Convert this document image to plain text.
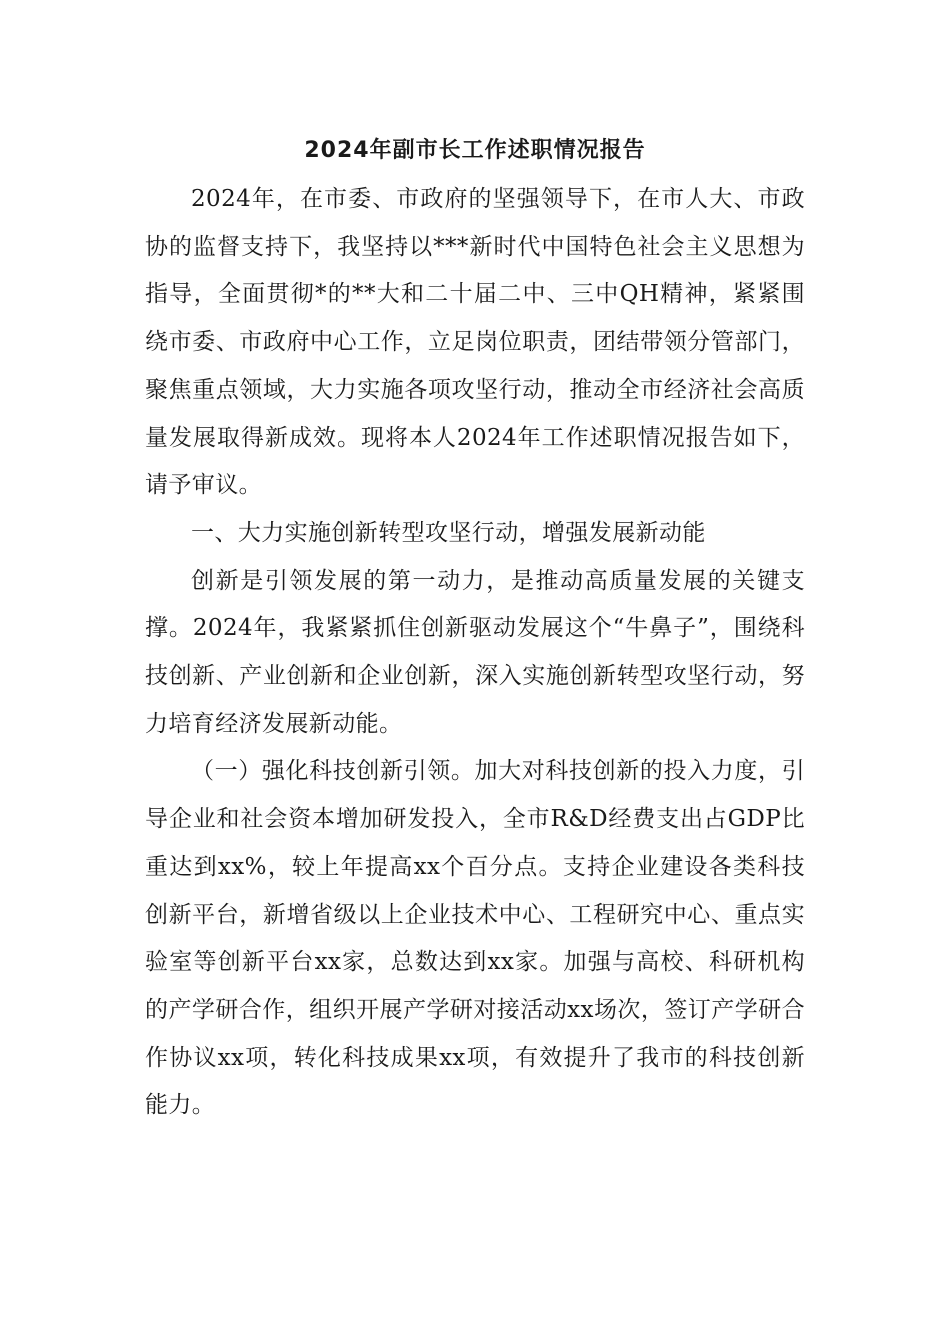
2024年副市长工作述职情况报告

2024年，在市委、市政府的坚强领导下，在市人大、市政协的监督支持下，我坚持以***新时代中国特色社会主义思想为指导，全面贯彻*的**大和二十届二中、三中QH精神，紧紧围绕市委、市政府中心工作，立足岗位职责，团结带领分管部门，聚焦重点领域，大力实施各项攻坚行动，推动全市经济社会高质量发展取得新成效。现将本人2024年工作述职情况报告如下，请予审议。

一、大力实施创新转型攻坚行动，增强发展新动能

创新是引领发展的第一动力，是推动高质量发展的关键支撑。2024年，我紧紧抓住创新驱动发展这个“牛鼻子”，围绕科技创新、产业创新和企业创新，深入实施创新转型攻坚行动，努力培育经济发展新动能。

（一）强化科技创新引领。加大对科技创新的投入力度，引导企业和社会资本增加研发投入，全市R&D经费支出占GDP比重达到xx%，较上年提高xx个百分点。支持企业建设各类科技创新平台，新增省级以上企业技术中心、工程研究中心、重点实验室等创新平台xx家，总数达到xx家。加强与高校、科研机构的产学研合作，组织开展产学研对接活动xx场次，签订产学研合作协议xx项，转化科技成果xx项，有效提升了我市的科技创新能力。
